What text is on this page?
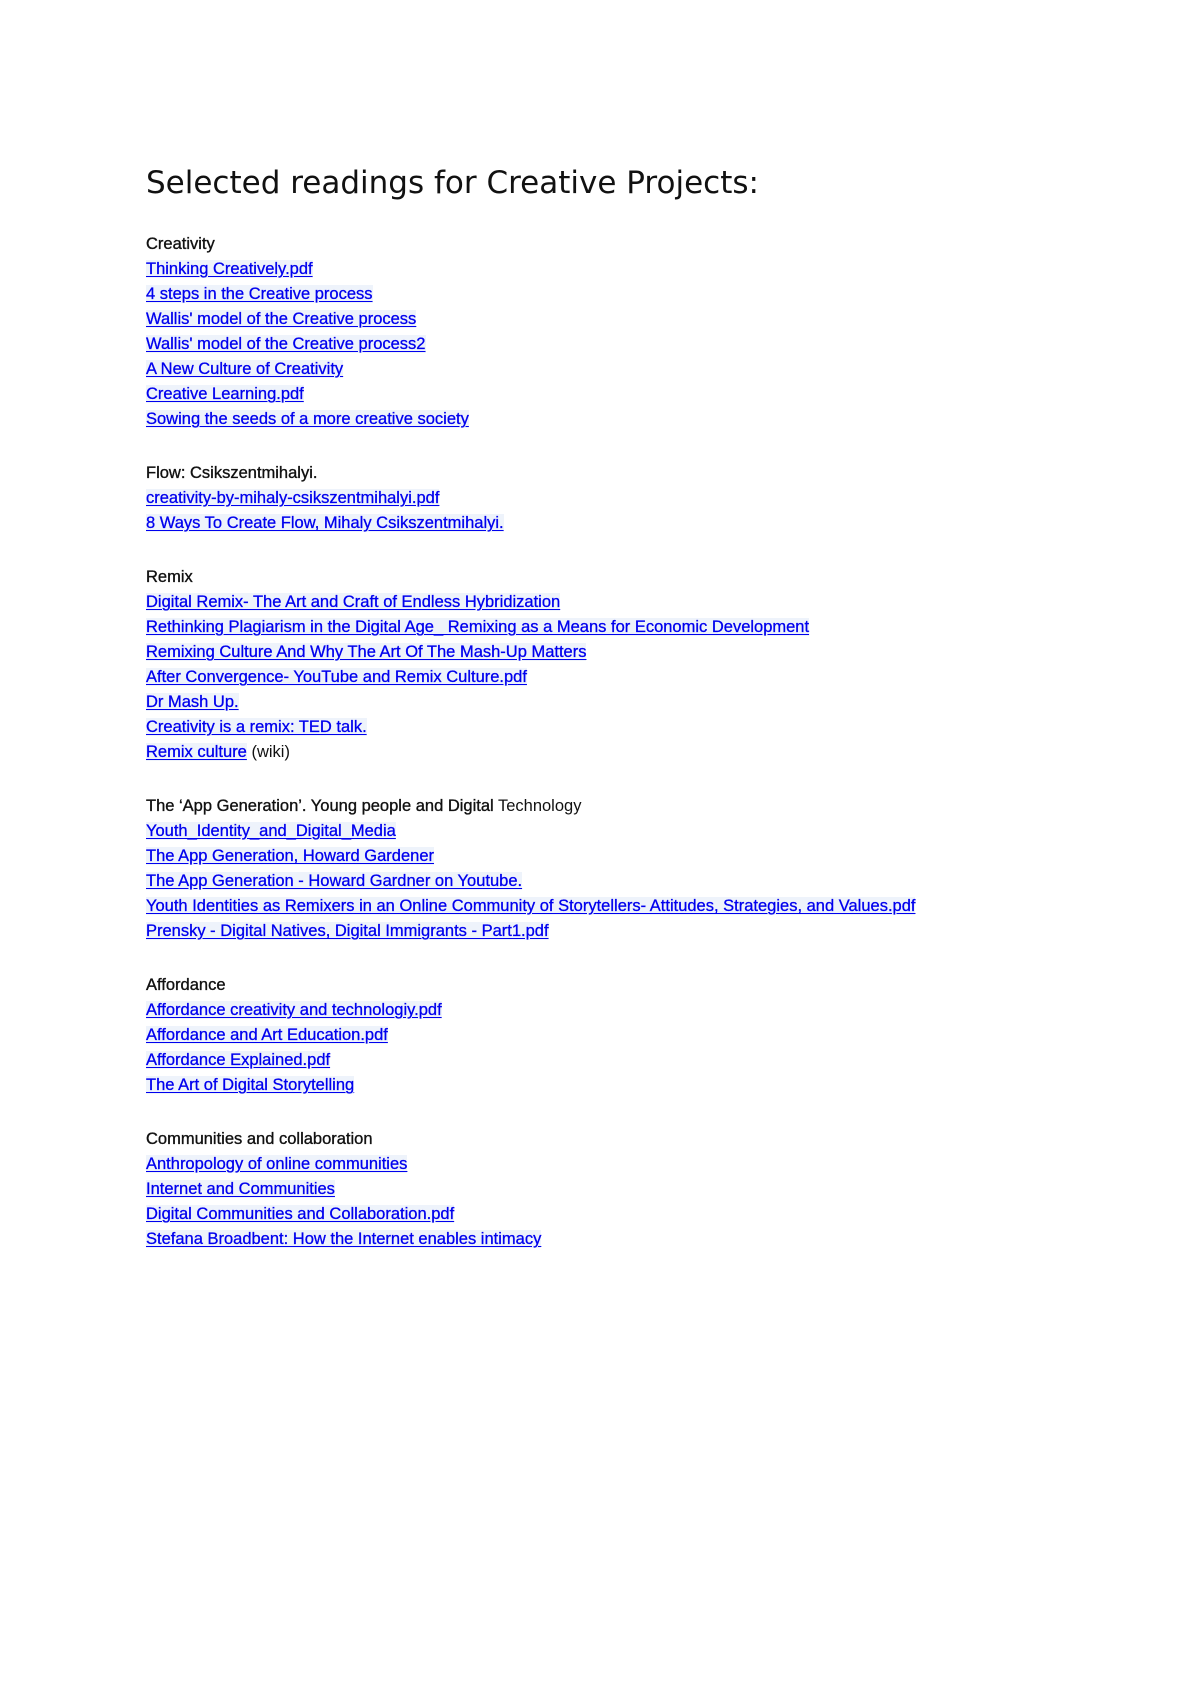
Selected readings for Creative Projects:
Creativity
Thinking Creatively.pdf
4 steps in the Creative process
Wallis' model of the Creative process
Wallis' model of the Creative process2
A New Culture of Creativity
Creative Learning.pdf
Sowing the seeds of a more creative society
Flow: Csikszentmihalyi.
creativity-by-mihaly-csikszentmihalyi.pdf
8 Ways To Create Flow, Mihaly Csikszentmihalyi.
Remix
Digital Remix- The Art and Craft of Endless Hybridization
Rethinking Plagiarism in the Digital Age_ Remixing as a Means for Economic Development
Remixing Culture And Why The Art Of The Mash-Up Matters
After Convergence- YouTube and Remix Culture.pdf
Dr Mash Up.
Creativity is a remix: TED talk.
Remix culture (wiki)
The ‘App Generation’. Young people and Digital Technology
Youth_Identity_and_Digital_Media
The App Generation, Howard Gardener
The App Generation - Howard Gardner on Youtube.
Youth Identities as Remixers in an Online Community of Storytellers- Attitudes, Strategies, and Values.pdf
Prensky - Digital Natives, Digital Immigrants - Part1.pdf
Affordance
Affordance creativity and technologiy.pdf
Affordance and Art Education.pdf
Affordance Explained.pdf
The Art of Digital Storytelling
Communities and collaboration
Anthropology of online communities
Internet and Communities
Digital Communities and Collaboration.pdf
Stefana Broadbent: How the Internet enables intimacy
